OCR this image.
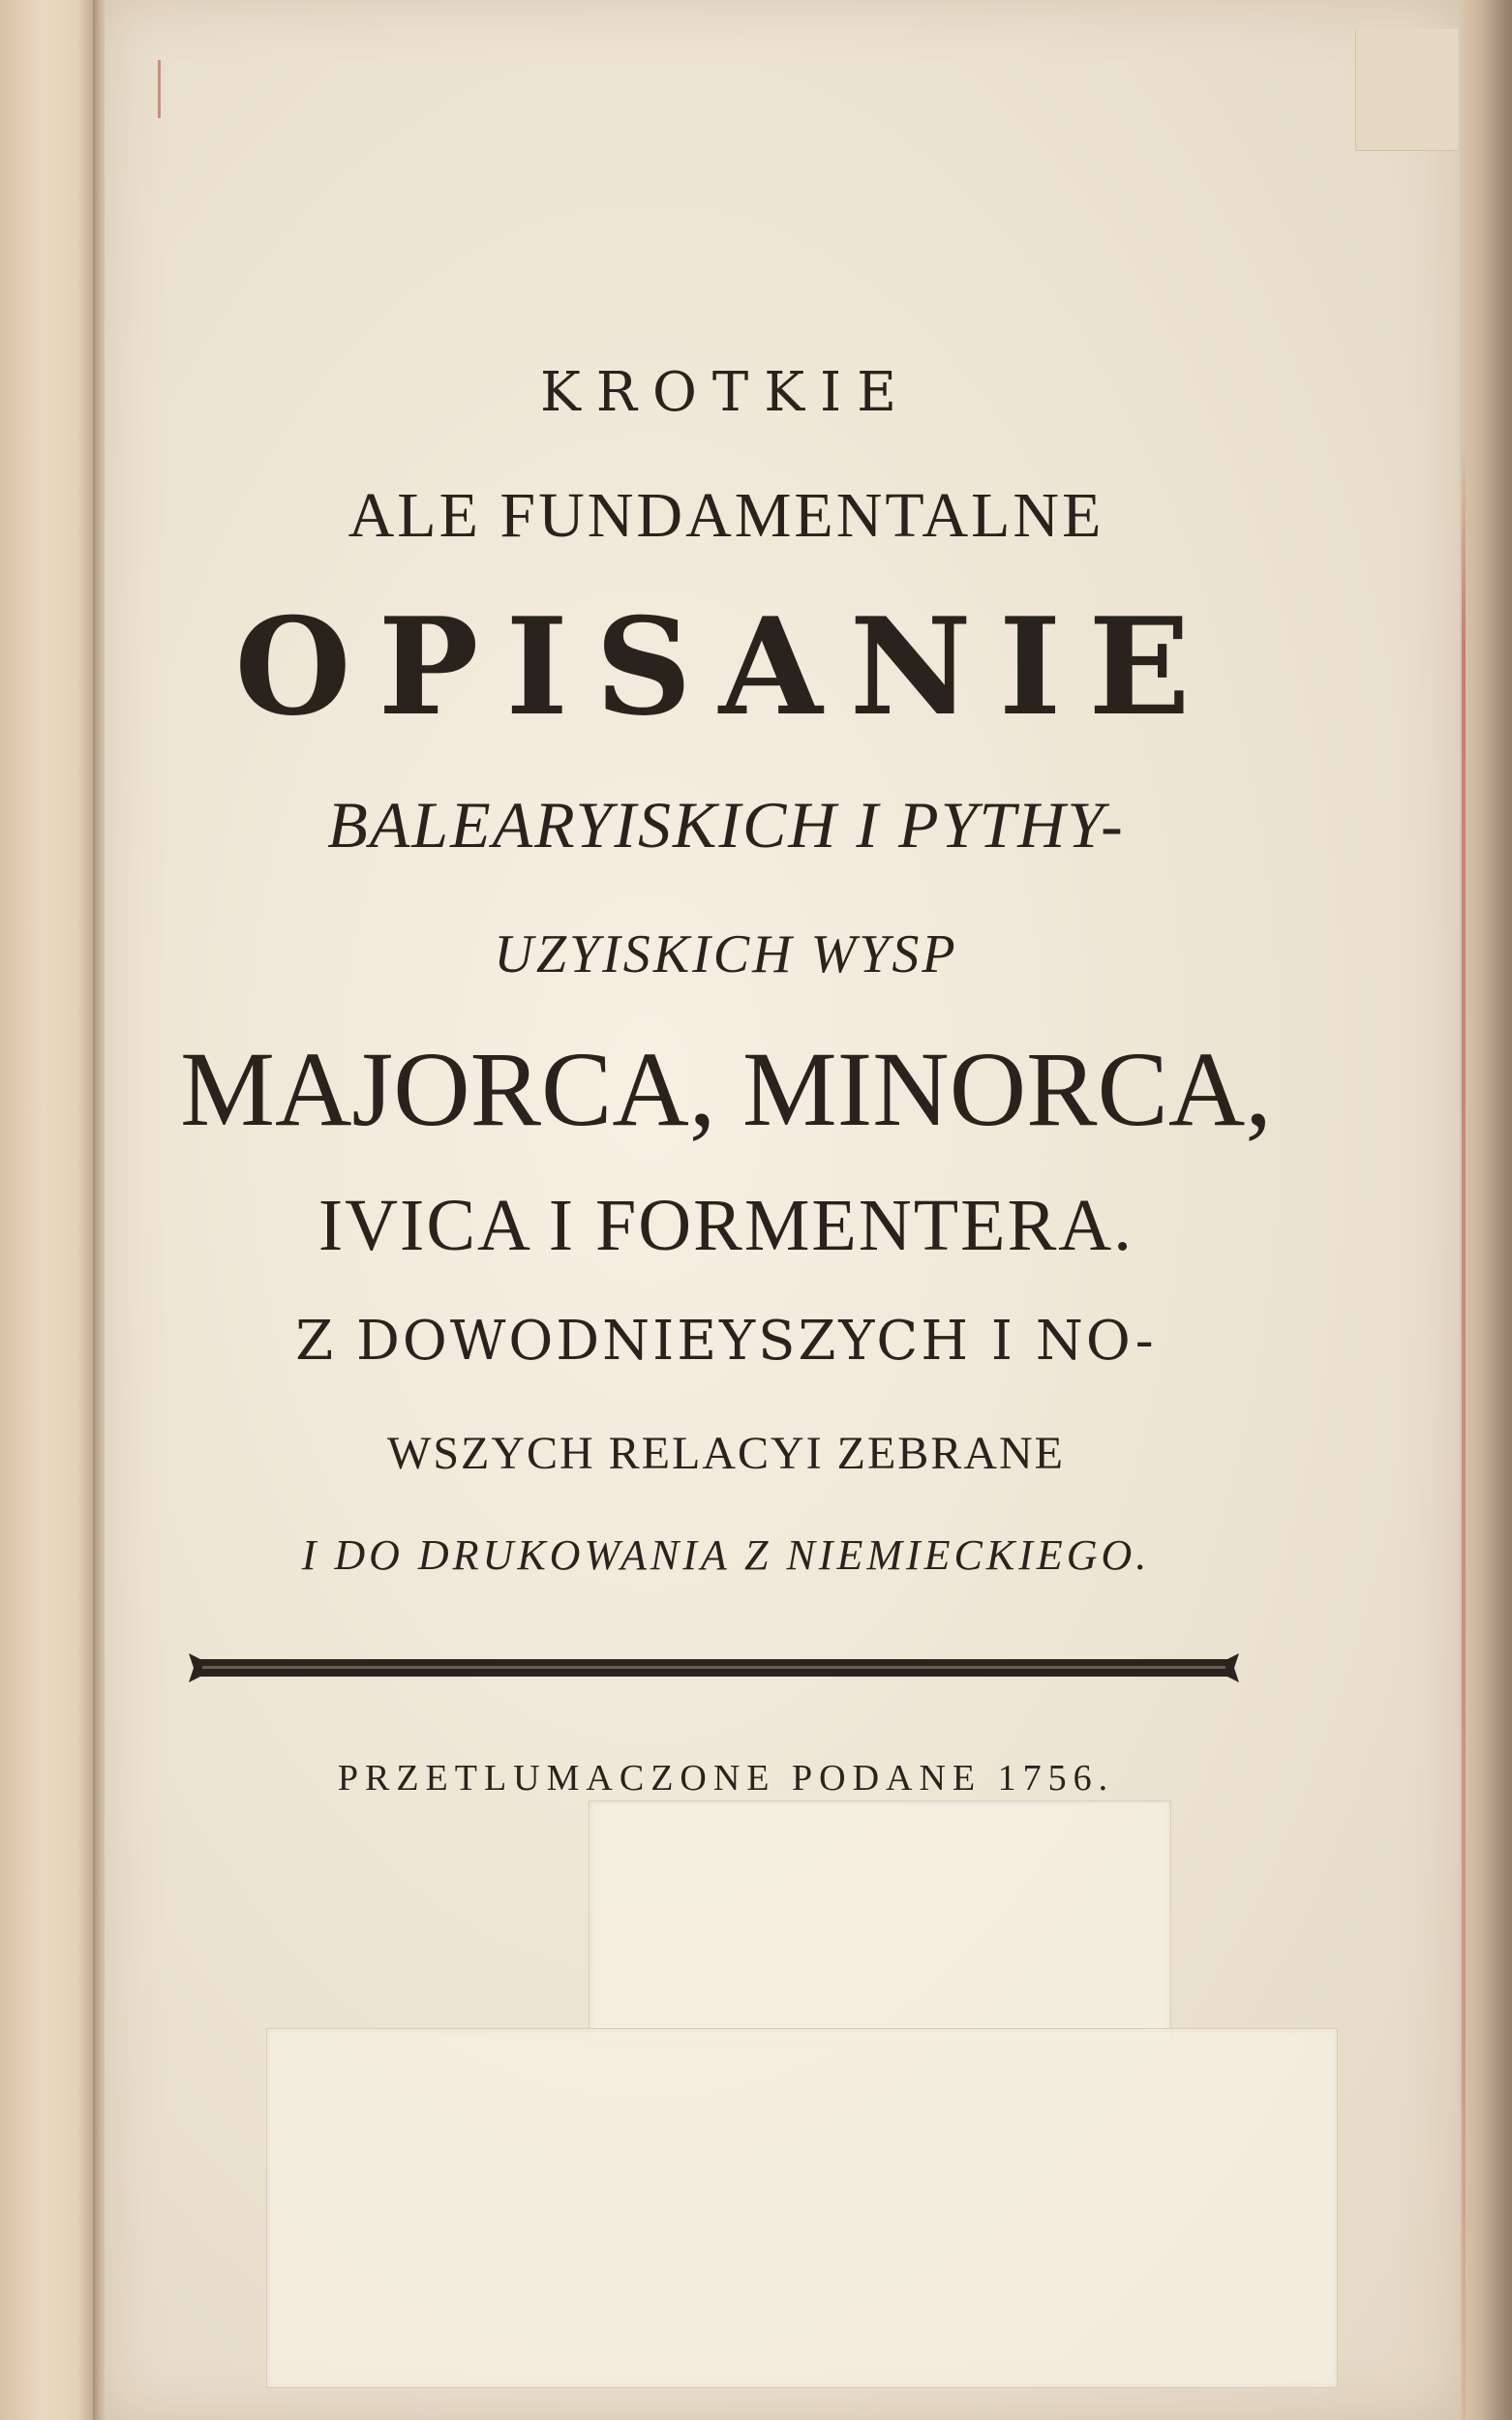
KROTKIE
ALE FUNDAMENTALNE
OPISANIE
BALEARYISKICH I PYTHY-
UZYISKICH WYSP
MAJORCA, MINORCA,
IVICA I FORMENTERA.
Z DOWODNIEYSZYCH I NO-
WSZYCH RELACYI ZEBRANE
I DO DRUKOWANIA Z NIEMIECKIEGO.
PRZETLUMACZONE PODANE 1756.
